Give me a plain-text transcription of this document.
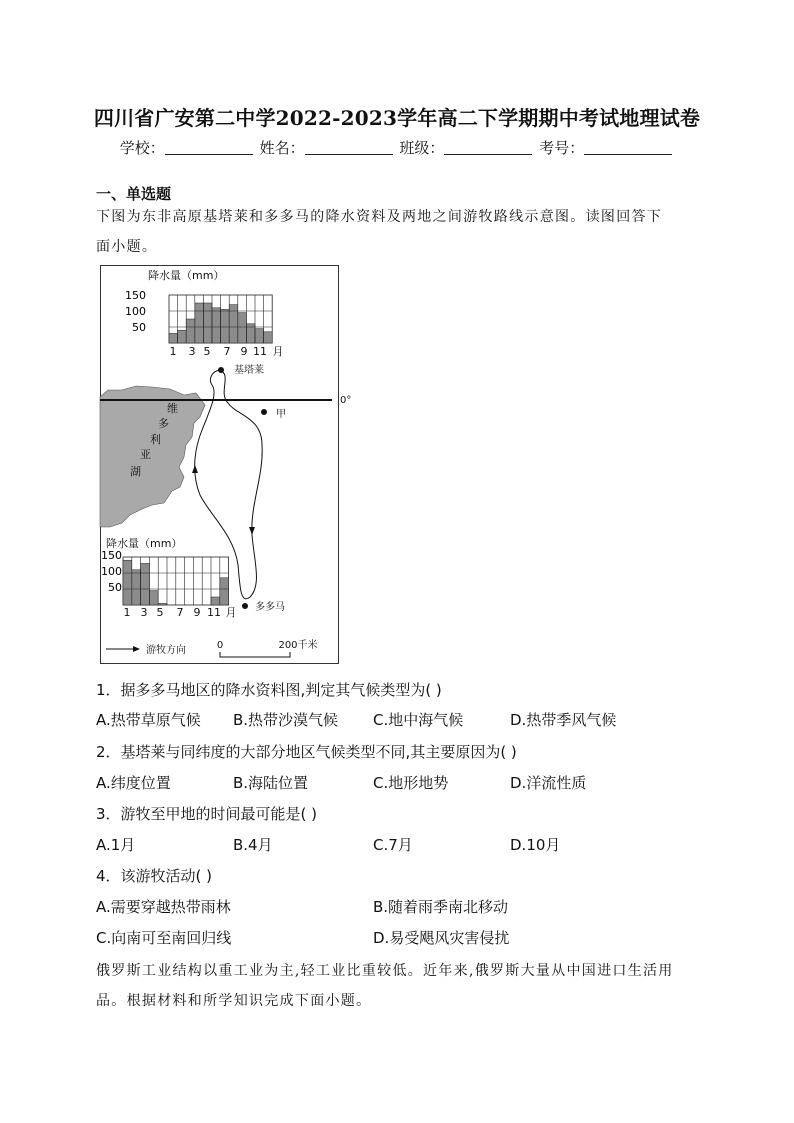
四川省广安第二中学2022-2023学年高二下学期期中考试地理试卷
学校：	姓名：	班级：	考号：
一、单选题
下图为东非高原基塔莱和多多马的降水资料及两地之间游牧路线示意图。读图回答下
面小题。
维
多
利
亚
湖
0°
基塔莱
甲
多多马
降水量（mm）
150
100
50
1 3 5 7 9 11 月
降水量（mm）
150
100
50
1 3 5 7 9 11 月
游牧方向	0	200千米
1．据多多马地区的降水资料图,判定其气候类型为( )
A.热带草原气候 B.热带沙漠气候 C.地中海气候	D.热带季风气候
2．基塔莱与同纬度的大部分地区气候类型不同,其主要原因为( )
A.纬度位置	B.海陆位置	C.地形地势	D.洋流性质
3．游牧至甲地的时间最可能是( )
A.1月	B.4月	C.7月	D.10月
4．该游牧活动( )
A.需要穿越热带雨林	B.随着雨季南北移动
C.向南可至南回归线	D.易受飓风灾害侵扰
俄罗斯工业结构以重工业为主,轻工业比重较低。近年来,俄罗斯大量从中国进口生活用
品。根据材料和所学知识完成下面小题。
